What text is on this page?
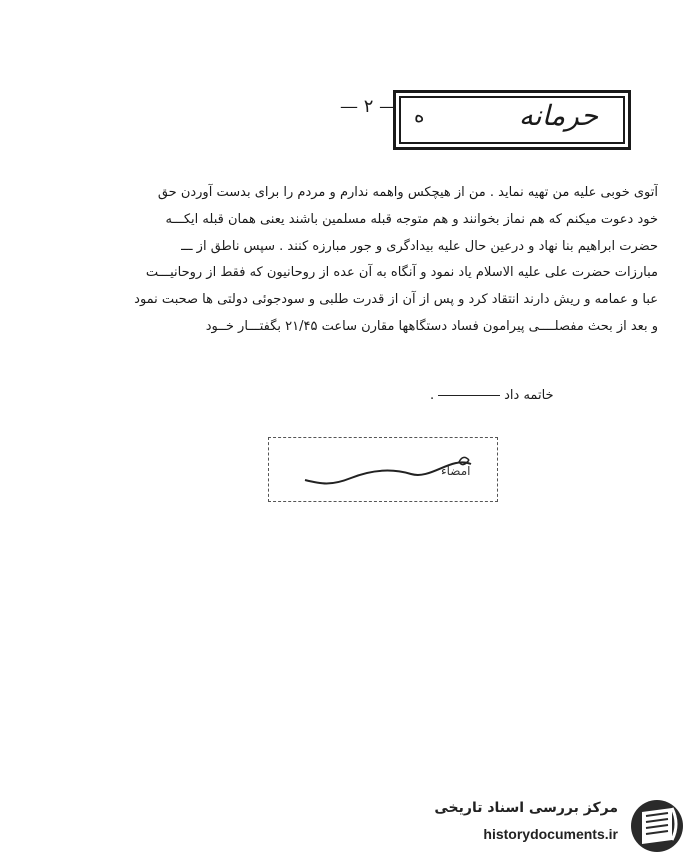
— ٢ —	حرمانه
ه
آتوی خوبی علیه من تهیه نماید . من از هیچکس واهمه ندارم و مردم را برای بدست آوردن حق
خود دعوت میکنم که هم نماز بخوانند و هم متوجه قبله مسلمین باشند یعنی همان قبله ایکـــه
حضرت ابراهیم بنا نهاد و درعین حال علیه بیدادگری و جور مبارزه کنند . سپس ناطق از ـــ
مبارزات حضرت علی علیه الاسلام یاد نمود و آنگاه به آن عده از روحانیون که فقط از روحانیـــت
عبا و عمامه و ریش دارند انتقاد کرد و پس از آن از قدرت طلبی و سودجوئی دولتی ها صحبت نمود
و بعد از بحث مفصلــــی پیرامون فساد دستگاهها مقارن ساعت ۲۱/۴۵ بگفتـــار خــود
خاتمه داد.
امضاء
مرکز بررسی اسناد تاریخی
historydocuments.ir
